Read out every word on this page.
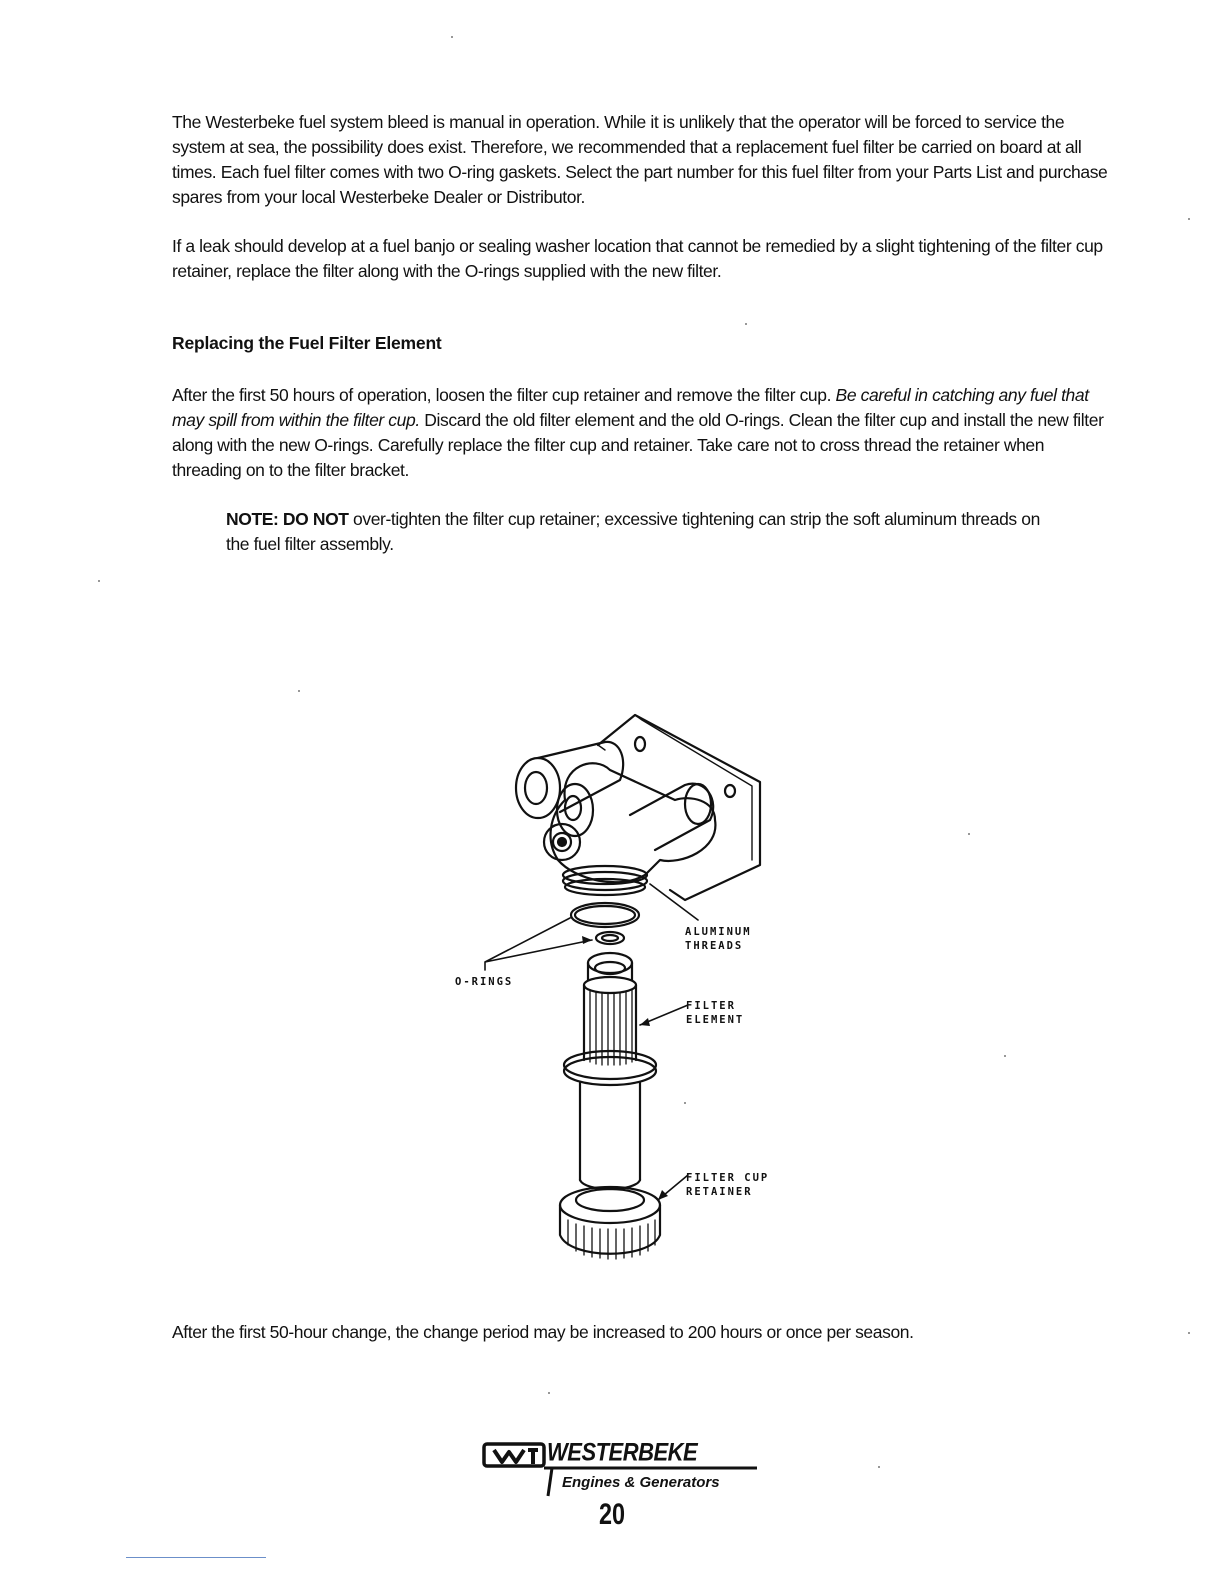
The Westerbeke fuel system bleed is manual in operation. While it is unlikely that the operator will be forced to service the system at sea, the possibility does exist. Therefore, we recommended that a replacement fuel filter be carried on board at all times. Each fuel filter comes with two O-ring gaskets. Select the part number for this fuel filter from your Parts List and purchase spares from your local Westerbeke Dealer or Distributor.

If a leak should develop at a fuel banjo or sealing washer location that cannot be remedied by a slight tightening of the filter cup retainer, replace the filter along with the O-rings supplied with the new filter.

Replacing the Fuel Filter Element

After the first 50 hours of operation, loosen the filter cup retainer and remove the filter cup. Be careful in catching any fuel that may spill from within the filter cup. Discard the old filter element and the old O-rings. Clean the filter cup and install the new filter along with the new O-rings. Carefully replace the filter cup and retainer. Take care not to cross thread the retainer when threading on to the filter bracket.

NOTE: DO NOT over-tighten the filter cup retainer; excessive tightening can strip the soft aluminum threads on the fuel filter assembly.

ALUMINUM
THREADS
FILTER
ELEMENT
FILTER CUP
RETAINER
O-RINGS

After the first 50-hour change, the change period may be increased to 200 hours or once per season.

WESTERBEKE
Engines & Generators
20
